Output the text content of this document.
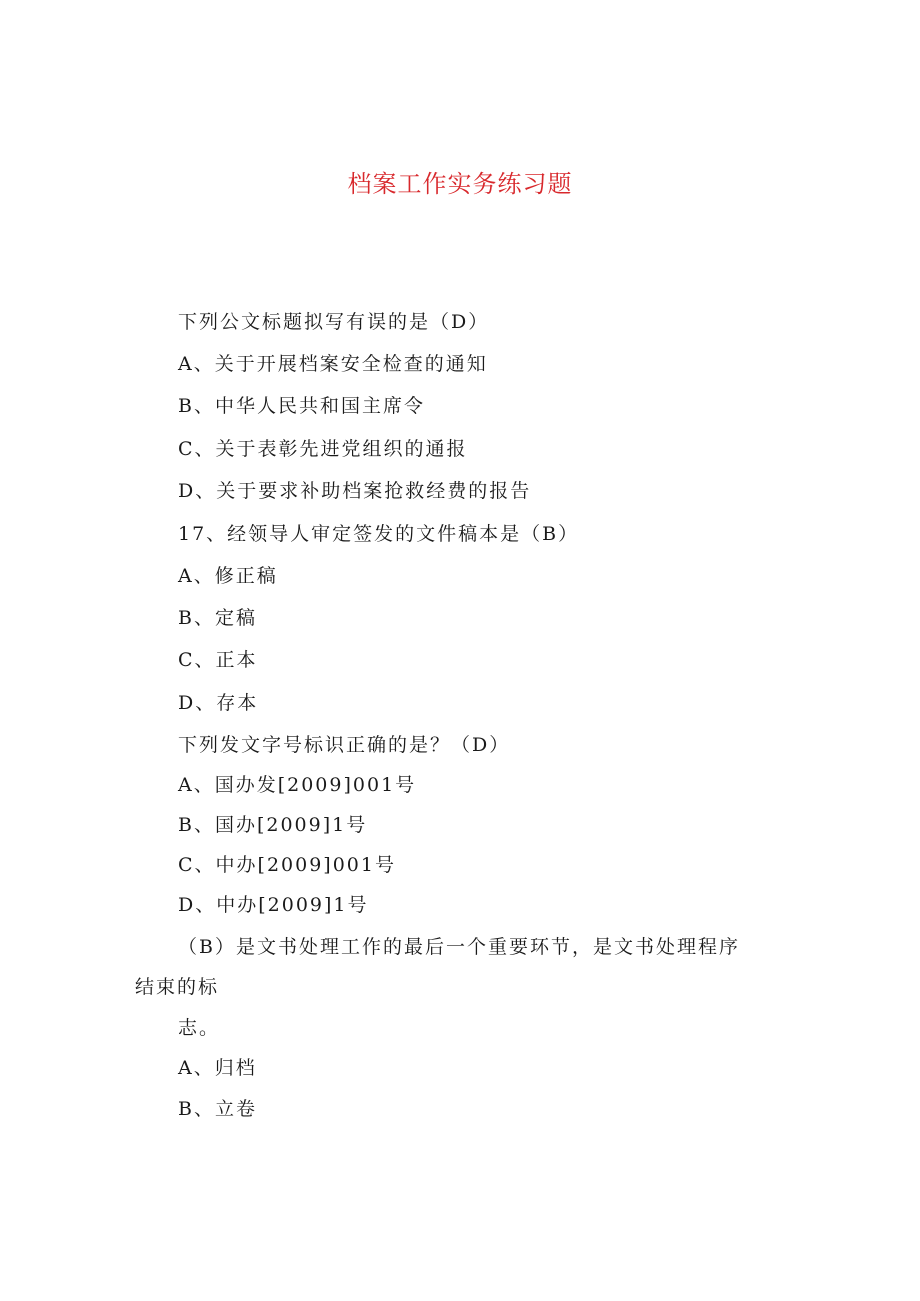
档案工作实务练习题
下列公文标题拟写有误的是（D）
A、关于开展档案安全检查的通知
B、中华人民共和国主席令
C、关于表彰先进党组织的通报
D、关于要求补助档案抢救经费的报告
17、经领导人审定签发的文件稿本是（B）
A、修正稿
B、定稿
C、正本
D、存本
下列发文字号标识正确的是？（D）
A、国办发[2009]001号
B、国办[2009]1号
C、中办[2009]001号
D、中办[2009]1号
（B）是文书处理工作的最后一个重要环节，是文书处理程序
结束的标
志。
A、归档
B、立卷
